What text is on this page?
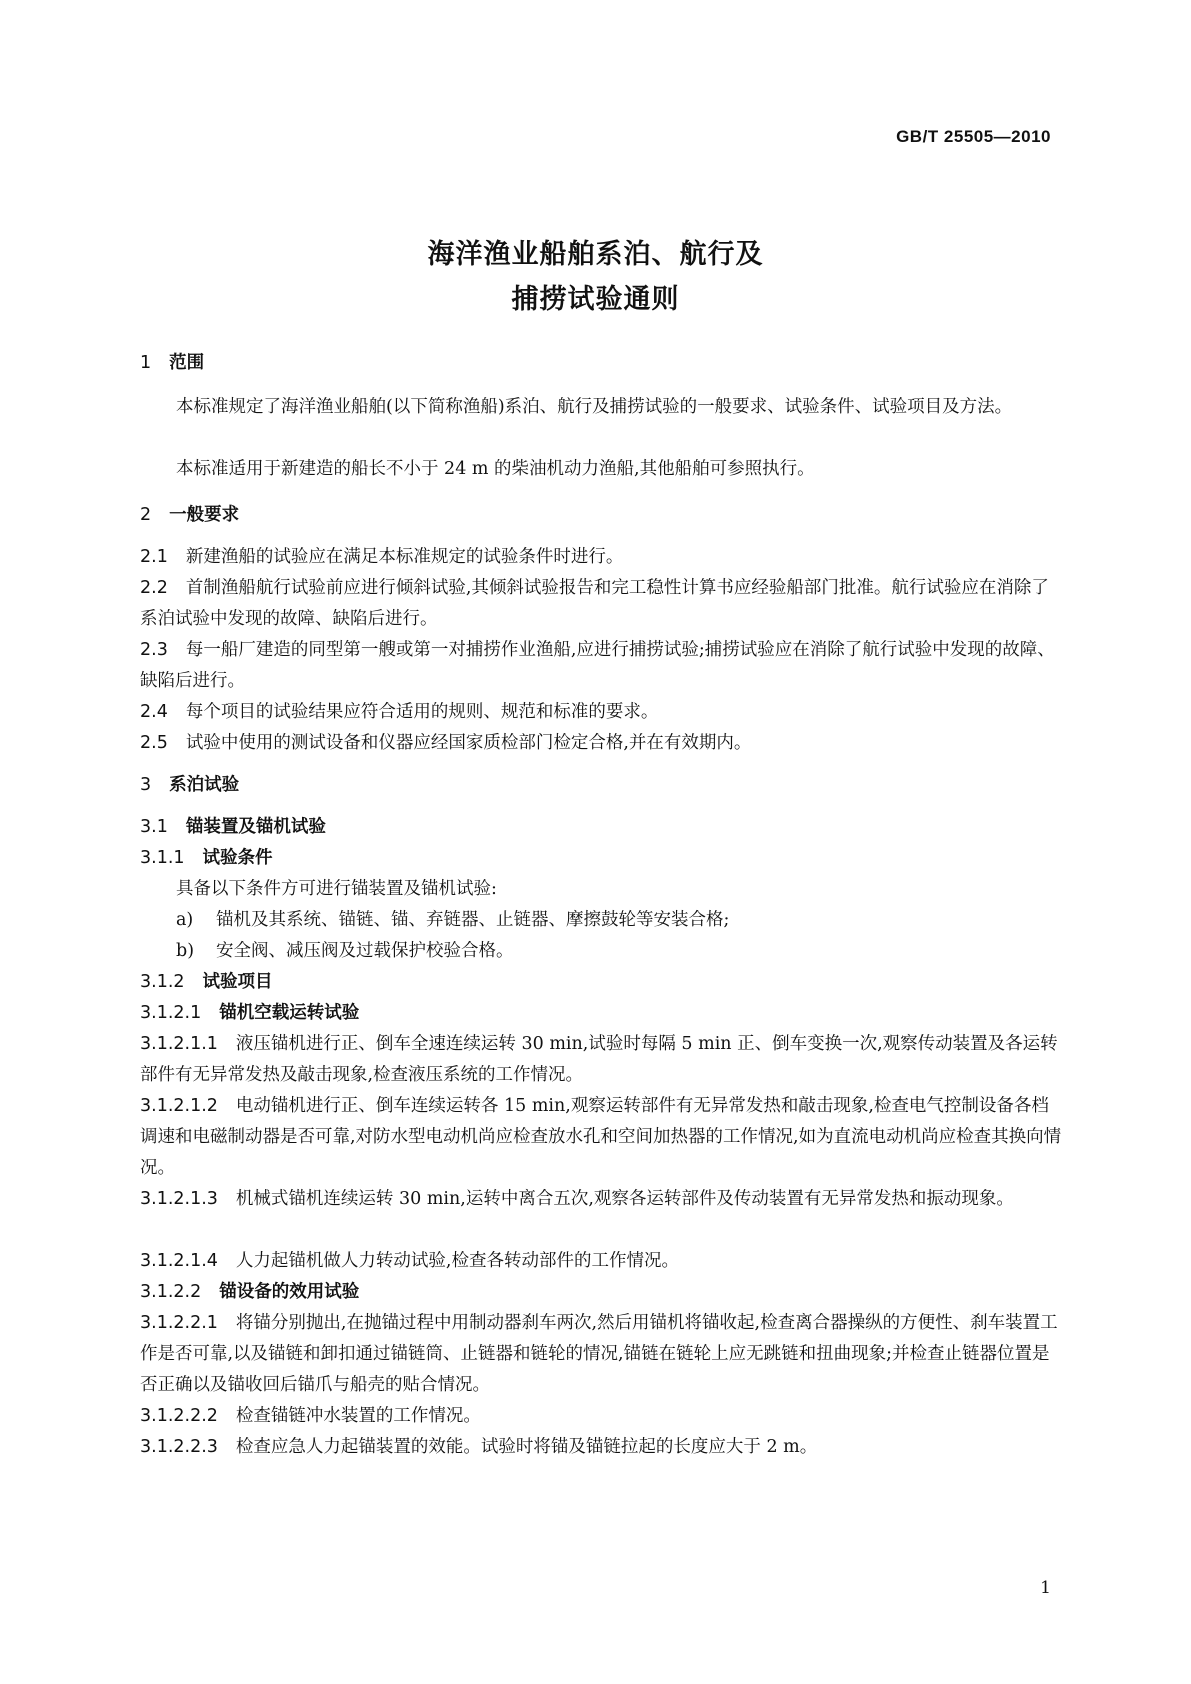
GB/T 25505—2010
海洋渔业船舶系泊、航行及
捕捞试验通则
1 范围
本标准规定了海洋渔业船舶(以下简称渔船)系泊、航行及捕捞试验的一般要求、试验条件、试验项目及方法。
本标准适用于新建造的船长不小于 24 m 的柴油机动力渔船,其他船舶可参照执行。
2 一般要求
2.1 新建渔船的试验应在满足本标准规定的试验条件时进行。
2.2 首制渔船航行试验前应进行倾斜试验,其倾斜试验报告和完工稳性计算书应经验船部门批准。航行试验应在消除了系泊试验中发现的故障、缺陷后进行。
2.3 每一船厂建造的同型第一艘或第一对捕捞作业渔船,应进行捕捞试验;捕捞试验应在消除了航行试验中发现的故障、缺陷后进行。
2.4 每个项目的试验结果应符合适用的规则、规范和标准的要求。
2.5 试验中使用的测试设备和仪器应经国家质检部门检定合格,并在有效期内。
3 系泊试验
3.1 锚装置及锚机试验
3.1.1 试验条件
具备以下条件方可进行锚装置及锚机试验:
a) 锚机及其系统、锚链、锚、弃链器、止链器、摩擦鼓轮等安装合格;
b) 安全阀、减压阀及过载保护校验合格。
3.1.2 试验项目
3.1.2.1 锚机空载运转试验
3.1.2.1.1 液压锚机进行正、倒车全速连续运转 30 min,试验时每隔 5 min 正、倒车变换一次,观察传动装置及各运转部件有无异常发热及敲击现象,检查液压系统的工作情况。
3.1.2.1.2 电动锚机进行正、倒车连续运转各 15 min,观察运转部件有无异常发热和敲击现象,检查电气控制设备各档调速和电磁制动器是否可靠,对防水型电动机尚应检查放水孔和空间加热器的工作情况,如为直流电动机尚应检查其换向情况。
3.1.2.1.3 机械式锚机连续运转 30 min,运转中离合五次,观察各运转部件及传动装置有无异常发热和振动现象。
3.1.2.1.4 人力起锚机做人力转动试验,检查各转动部件的工作情况。
3.1.2.2 锚设备的效用试验
3.1.2.2.1 将锚分别抛出,在抛锚过程中用制动器刹车两次,然后用锚机将锚收起,检查离合器操纵的方便性、刹车装置工作是否可靠,以及锚链和卸扣通过锚链筒、止链器和链轮的情况,锚链在链轮上应无跳链和扭曲现象;并检查止链器位置是否正确以及锚收回后锚爪与船壳的贴合情况。
3.1.2.2.2 检查锚链冲水装置的工作情况。
3.1.2.2.3 检查应急人力起锚装置的效能。试验时将锚及锚链拉起的长度应大于 2 m。
1
